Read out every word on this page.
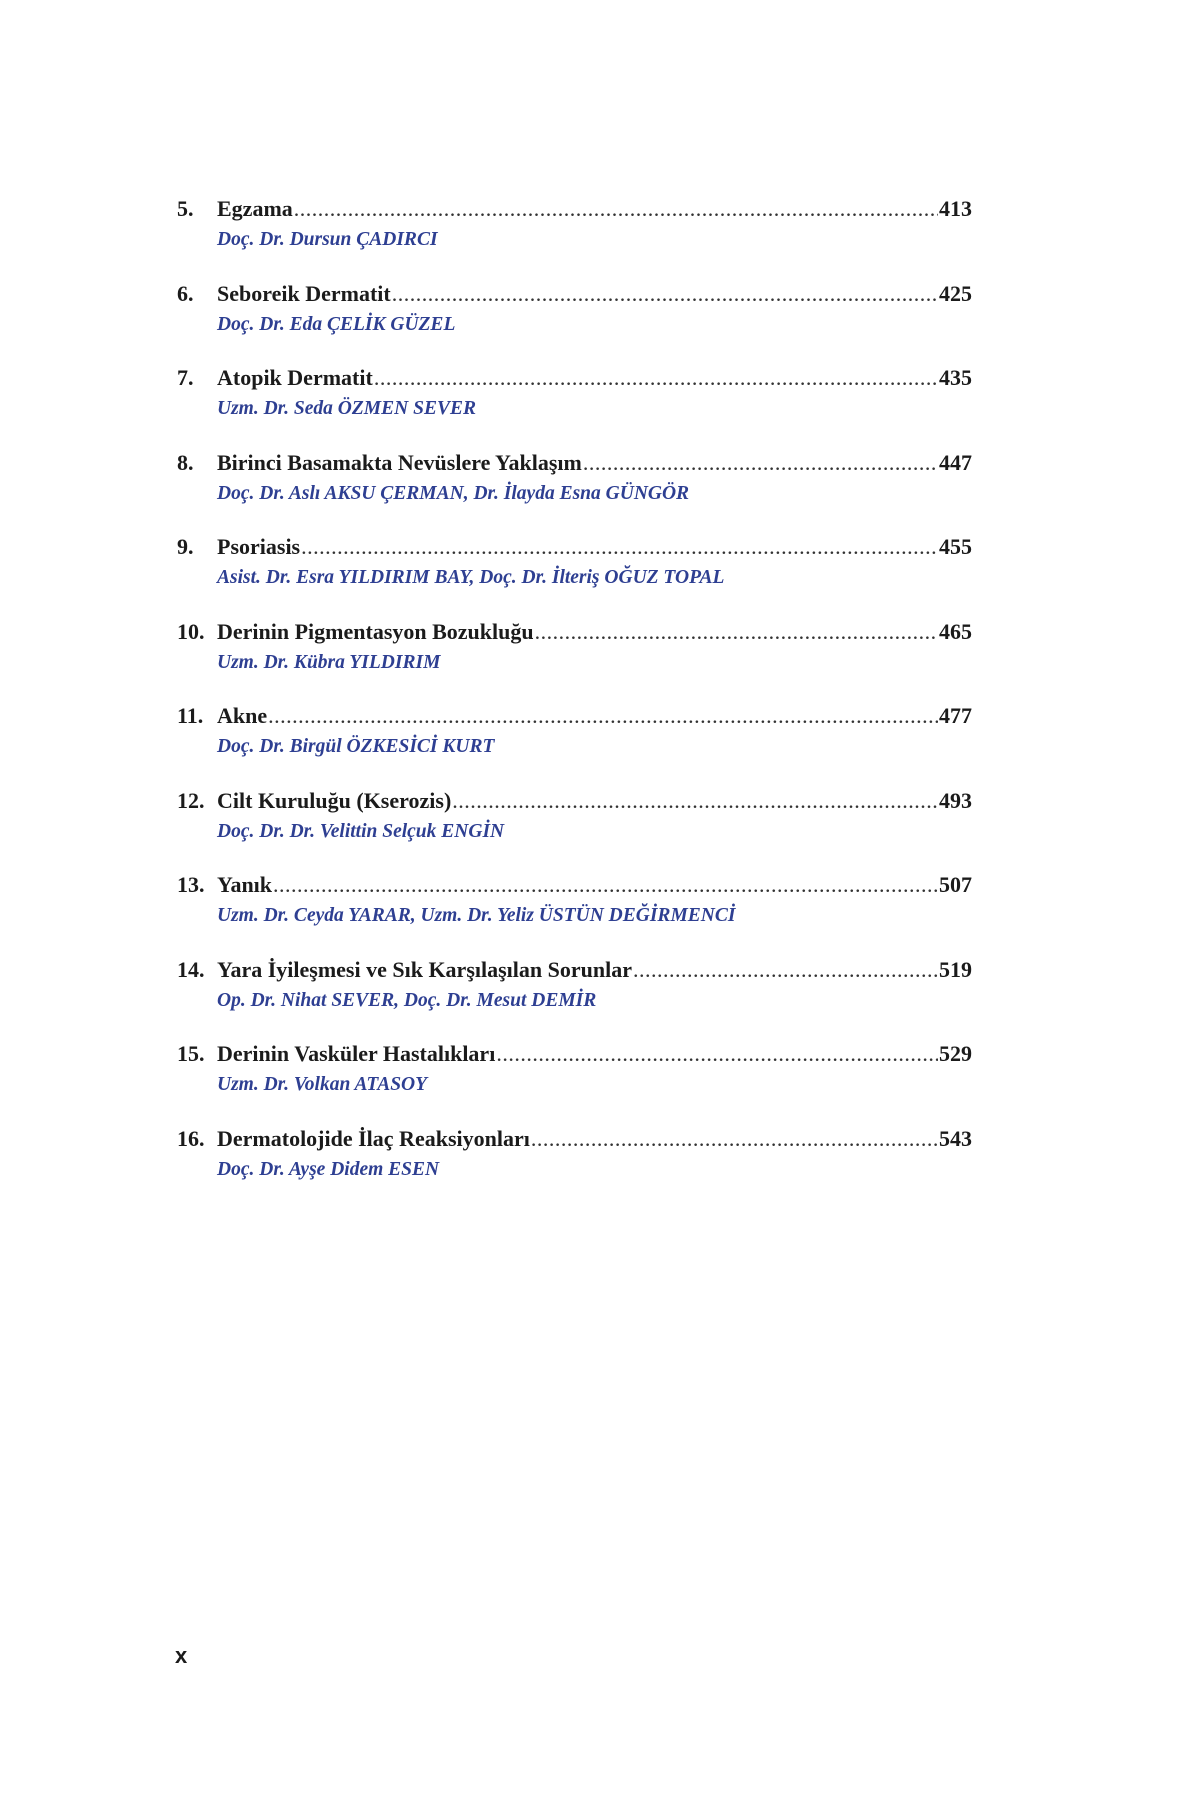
5.	Egzama .....	413
Doç. Dr. Dursun ÇADIRCI
6.	Seboreik Dermatit .....	425
Doç. Dr. Eda ÇELİK GÜZEL
7.	Atopik Dermatit .....	435
Uzm. Dr. Seda ÖZMEN SEVER
8.	Birinci Basamakta Nevüslere Yaklaşım .....	447
Doç. Dr. Aslı AKSU ÇERMAN, Dr. İlayda Esna GÜNGÖR
9.	Psoriasis .....	455
Asist. Dr. Esra YILDIRIM BAY, Doç. Dr. İlteriş OĞUZ TOPAL
10. Derinin Pigmentasyon Bozukluğu .....	465
Uzm. Dr. Kübra YILDIRIM
11. Akne .....	477
Doç. Dr. Birgül ÖZKESİCİ KURT
12. Cilt Kuruluğu (Kserozis) .....	493
Doç. Dr. Dr. Velittin Selçuk ENGİN
13. Yanık .....	507
Uzm. Dr. Ceyda YARAR, Uzm. Dr. Yeliz ÜSTÜN DEĞİRMENCİ
14. Yara İyileşmesi ve Sık Karşılaşılan Sorunlar .....	519
Op. Dr. Nihat SEVER, Doç. Dr. Mesut DEMİR
15. Derinin Vasküler Hastalıkları .....	529
Uzm. Dr. Volkan ATASOY
16. Dermatolojide İlaç Reaksiyonları .....	543
Doç. Dr. Ayşe Didem ESEN
x
